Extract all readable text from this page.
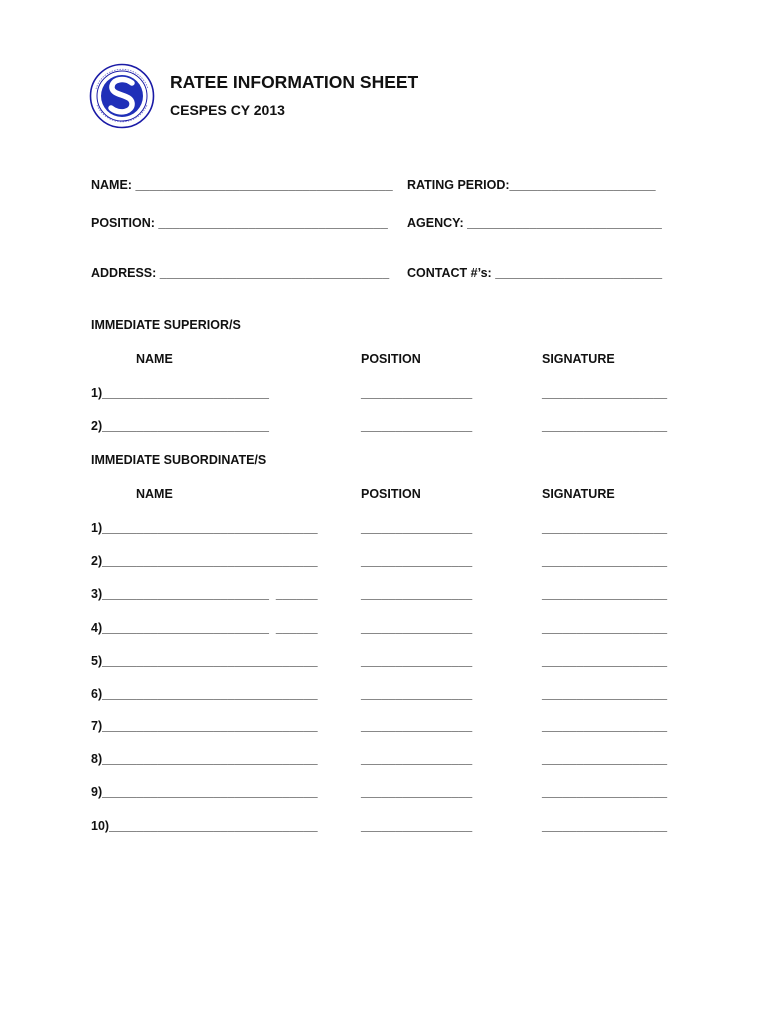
RATEE INFORMATION SHEET
CESPES CY 2013
NAME: _____________________________________ RATING PERIOD:_____________________
POSITION: _________________________________ AGENCY: ____________________________
ADDRESS: _________________________________ CONTACT #’s: ________________________
IMMEDIATE SUPERIOR/S
NAME	POSITION	SIGNATURE
1)________________________	________________	__________________
2)________________________	________________	__________________
IMMEDIATE SUBORDINATE/S
NAME	POSITION	SIGNATURE
1)_______________________________	________________	__________________
2)_______________________________	________________	__________________
3)________________________  ______	________________	__________________
4)________________________  ______	________________	__________________
5)_______________________________	________________	__________________
6)_______________________________	________________	__________________
7)_______________________________	________________	__________________
8)_______________________________	________________	__________________
9)_______________________________	________________	__________________
10)______________________________	________________	__________________
